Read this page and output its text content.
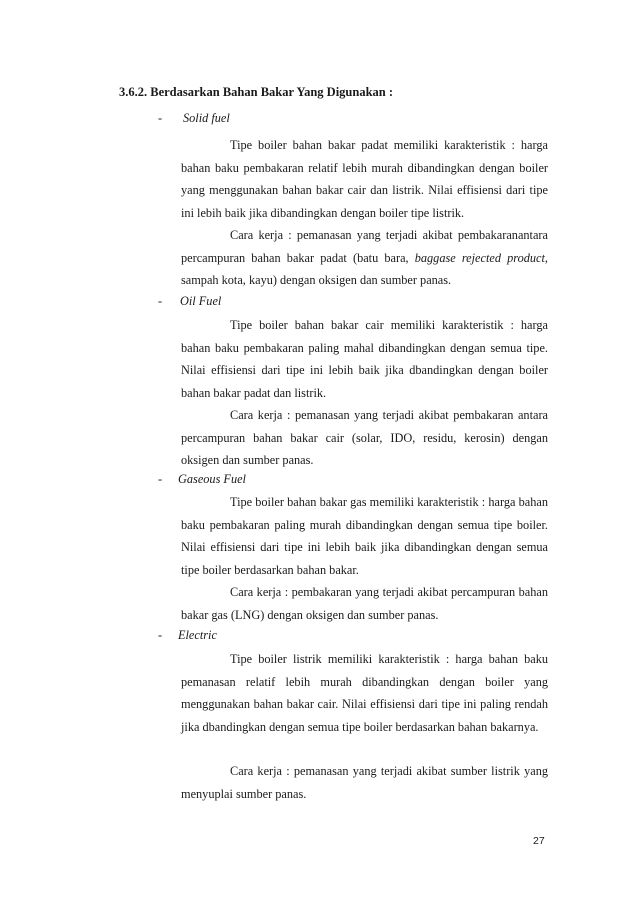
3.6.2. Berdasarkan Bahan Bakar Yang Digunakan :
- Solid fuel

Tipe boiler bahan bakar padat memiliki karakteristik : harga bahan baku pembakaran relatif lebih murah dibandingkan dengan boiler yang menggunakan bahan bakar cair dan listrik. Nilai effisiensi dari tipe ini lebih baik jika dibandingkan dengan boiler tipe listrik.

Cara kerja : pemanasan yang terjadi akibat pembakaranantara percampuran bahan bakar padat (batu bara, baggase rejected product, sampah kota, kayu) dengan oksigen dan sumber panas.

- Oil Fuel

Tipe boiler bahan bakar cair memiliki karakteristik : harga bahan baku pembakaran paling mahal dibandingkan dengan semua tipe. Nilai effisiensi dari tipe ini lebih baik jika dbandingkan dengan boiler bahan bakar padat dan listrik.

Cara kerja : pemanasan yang terjadi akibat pembakaran antara percampuran bahan bakar cair (solar, IDO, residu, kerosin) dengan oksigen dan sumber panas.

- Gaseous Fuel

Tipe boiler bahan bakar gas memiliki karakteristik : harga bahan baku pembakaran paling murah dibandingkan dengan semua tipe boiler. Nilai effisiensi dari tipe ini lebih baik jika dibandingkan dengan semua tipe boiler berdasarkan bahan bakar.

Cara kerja : pembakaran yang terjadi akibat percampuran bahan bakar gas (LNG) dengan oksigen dan sumber panas.

- Electric

Tipe boiler listrik memiliki karakteristik : harga bahan baku pemanasan relatif lebih murah dibandingkan dengan boiler yang menggunakan bahan bakar cair. Nilai effisiensi dari tipe ini paling rendah jika dbandingkan dengan semua tipe boiler berdasarkan bahan bakarnya.

Cara kerja : pemanasan yang terjadi akibat sumber listrik yang menyuplai sumber panas.

27
